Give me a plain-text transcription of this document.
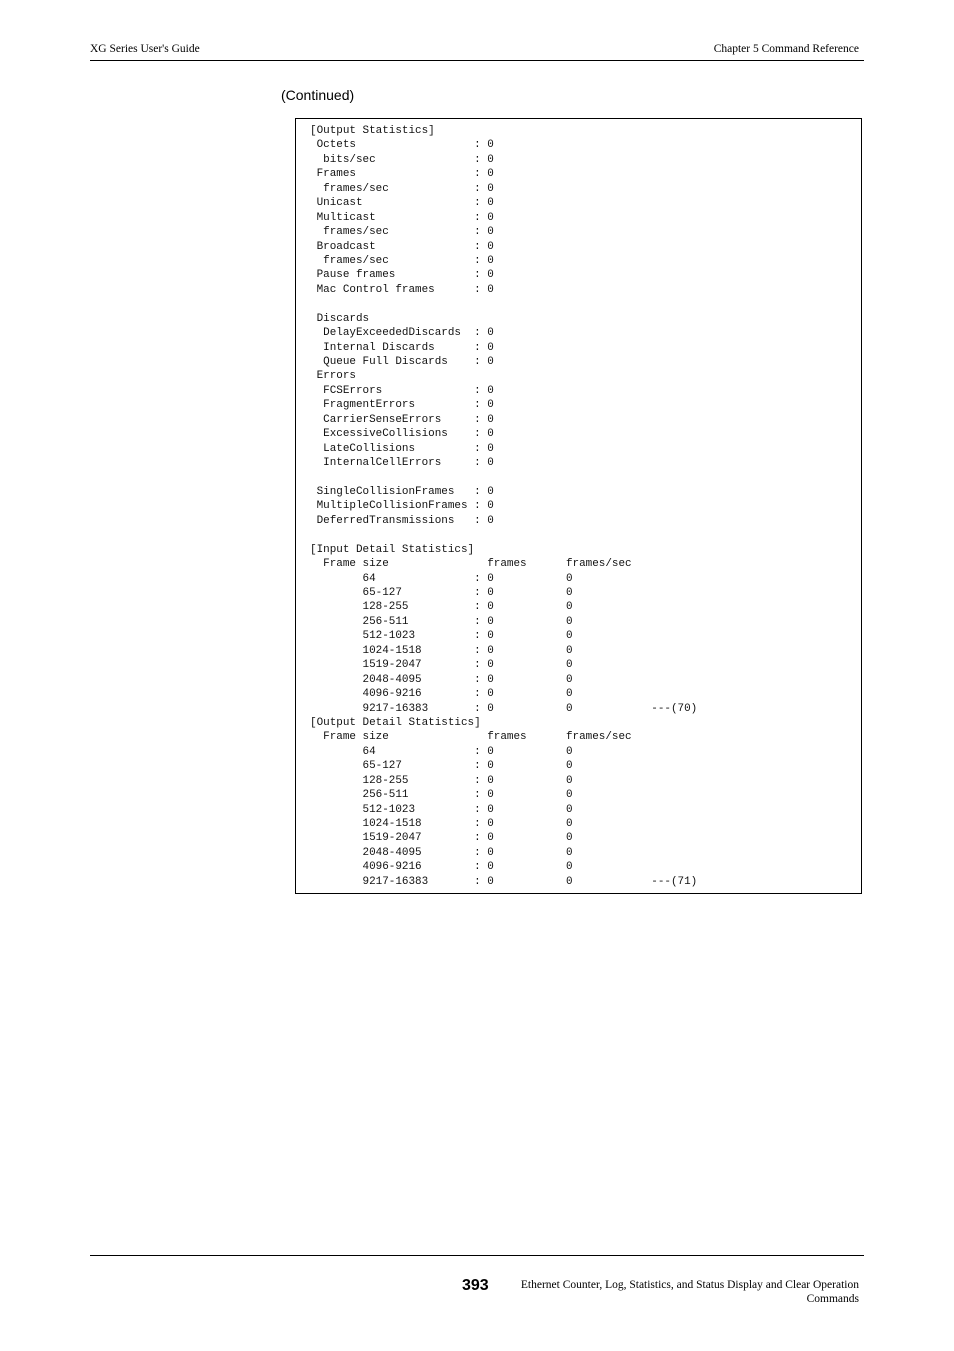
XG Series User's Guide	Chapter 5 Command Reference
(Continued)
[Output Statistics]
Octets                  : 0
bits/sec               : 0
Frames                  : 0
frames/sec             : 0
Unicast                 : 0
Multicast               : 0
frames/sec             : 0
Broadcast               : 0
frames/sec             : 0
Pause frames            : 0
Mac Control frames      : 0
Discards
DelayExceededDiscards  : 0
Internal Discards      : 0
Queue Full Discards    : 0
Errors
FCSErrors              : 0
FragmentErrors         : 0
CarrierSenseErrors     : 0
ExcessiveCollisions    : 0
LateCollisions         : 0
InternalCellErrors     : 0
SingleCollisionFrames   : 0
MultipleCollisionFrames : 0
DeferredTransmissions   : 0
[Input Detail Statistics]
Frame size               frames      frames/sec
64               : 0           0
65-127           : 0           0
128-255          : 0           0
256-511          : 0           0
512-1023         : 0           0
1024-1518        : 0           0
1519-2047        : 0           0
2048-4095        : 0           0
4096-9216        : 0           0
9217-16383       : 0           0            ---(70)
[Output Detail Statistics]
Frame size               frames      frames/sec
64               : 0           0
65-127           : 0           0
128-255          : 0           0
256-511          : 0           0
512-1023         : 0           0
1024-1518        : 0           0
1519-2047        : 0           0
2048-4095        : 0           0
4096-9216        : 0           0
9217-16383       : 0           0            ---(71)
393	Ethernet Counter, Log, Statistics, and Status Display and Clear Operation
Commands
